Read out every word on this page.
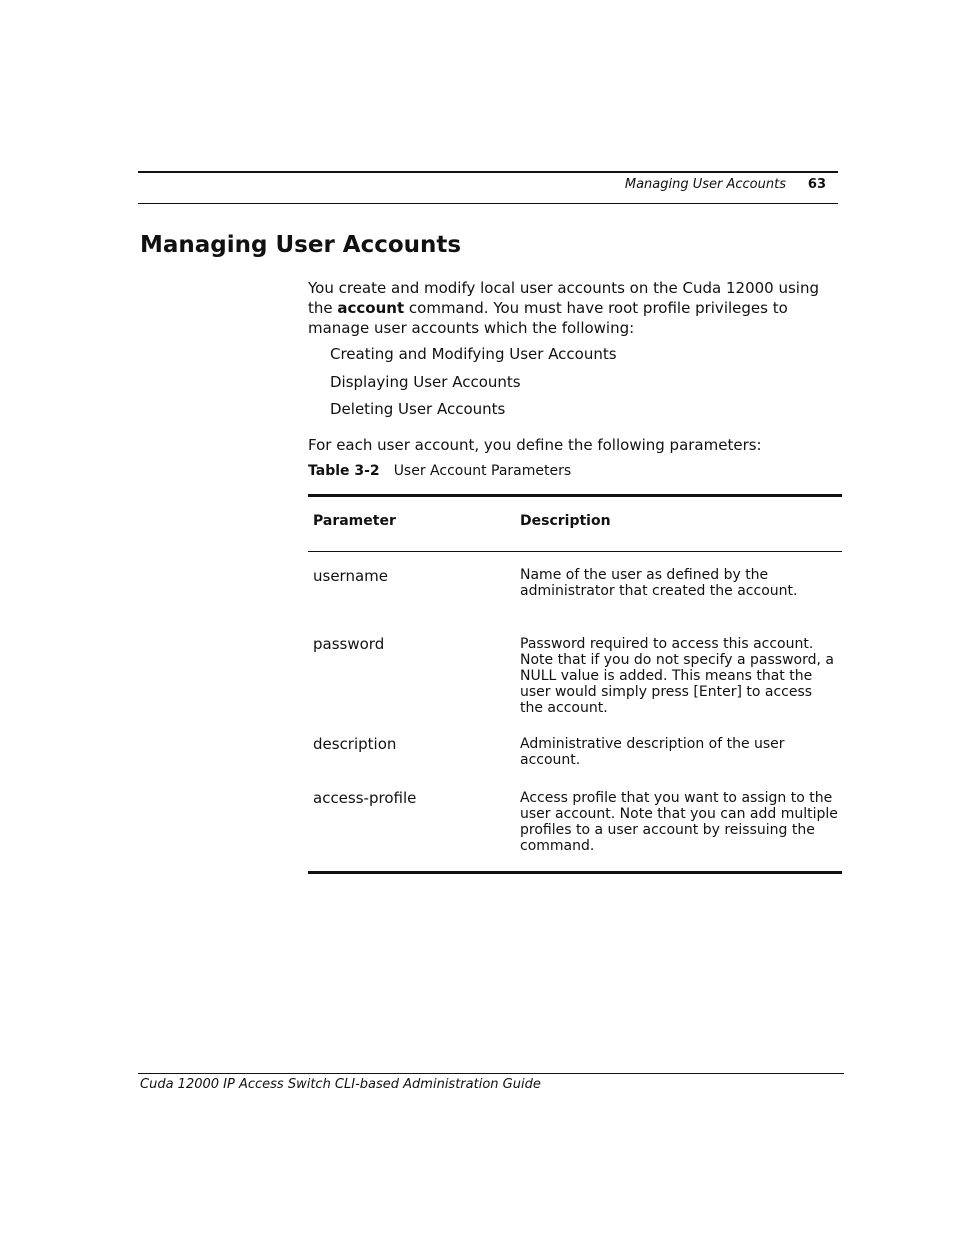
Managing User Accounts	63
Managing User Accounts

You create and modify local user accounts on the Cuda 12000 using the account command. You must have root profile privileges to manage user accounts which the following:

Creating and Modifying User Accounts
Displaying User Accounts
Deleting User Accounts

For each user account, you define the following parameters:

Table 3-2 User Account Parameters
Parameter	Description
username	Name of the user as defined by the administrator that created the account.
password	Password required to access this account. Note that if you do not specify a password, a NULL value is added. This means that the user would simply press [Enter] to access the account.
description	Administrative description of the user account.
access-profile	Access profile that you want to assign to the user account. Note that you can add multiple profiles to a user account by reissuing the command.
Cuda 12000 IP Access Switch CLI-based Administration Guide
